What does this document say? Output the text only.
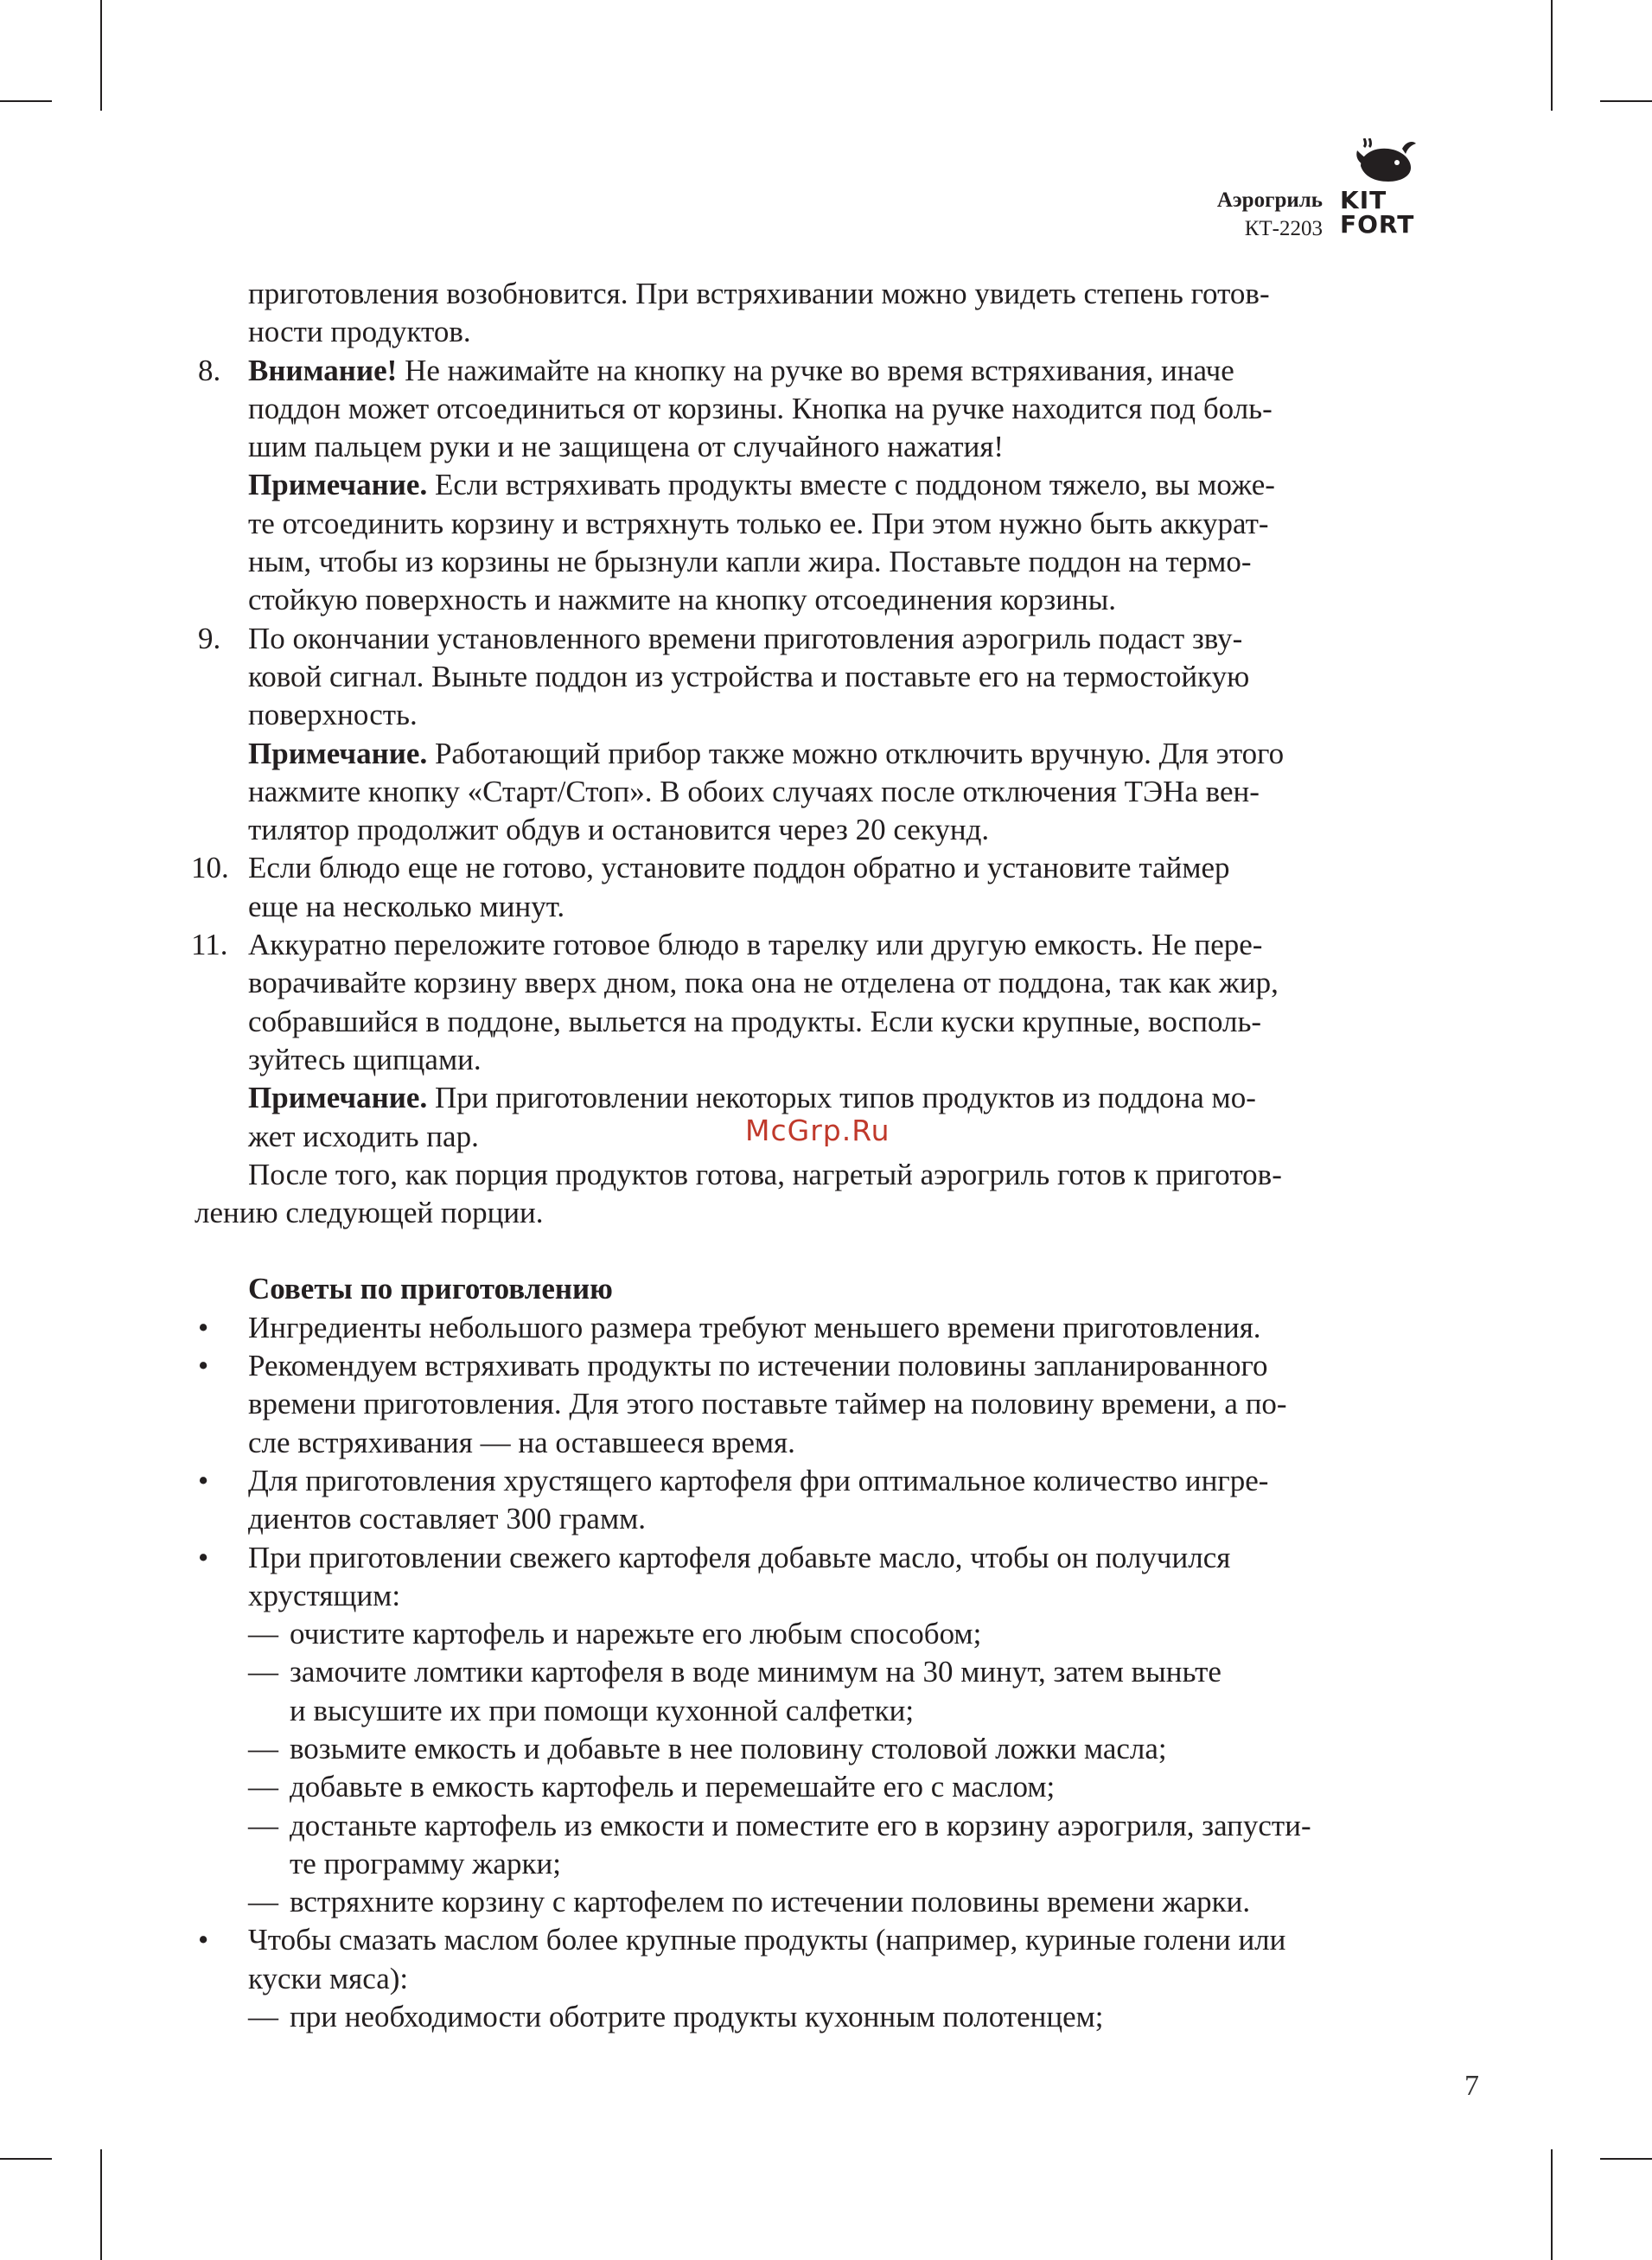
Аэрогриль
КТ-2203
KIT
FORT
приготовления возобновится. При встряхивании можно увидеть степень готов-
ности продуктов.
8. Внимание! Не нажимайте на кнопку на ручке во время встряхивания, иначе
поддон может отсоединиться от корзины. Кнопка на ручке находится под боль-
шим пальцем руки и не защищена от случайного нажатия!
Примечание. Если встряхивать продукты вместе с поддоном тяжело, вы може-
те отсоединить корзину и встряхнуть только ее. При этом нужно быть аккурат-
ным, чтобы из корзины не брызнули капли жира. Поставьте поддон на термо-
стойкую поверхность и нажмите на кнопку отсоединения корзины.
9. По окончании установленного времени приготовления аэрогриль подаст зву-
ковой сигнал. Выньте поддон из устройства и поставьте его на термостойкую
поверхность.
Примечание. Работающий прибор также можно отключить вручную. Для этого
нажмите кнопку «Старт/Стоп». В обоих случаях после отключения ТЭНа вен-
тилятор продолжит обдув и остановится через 20 секунд.
10. Если блюдо еще не готово, установите поддон обратно и установите таймер
еще на несколько минут.
11. Аккуратно переложите готовое блюдо в тарелку или другую емкость. Не пере-
ворачивайте корзину вверх дном, пока она не отделена от поддона, так как жир,
собравшийся в поддоне, выльется на продукты. Если куски крупные, восполь-
зуйтесь щипцами.
Примечание. При приготовлении некоторых типов продуктов из поддона мо-
жет исходить пар.
После того, как порция продуктов готова, нагретый аэрогриль готов к приготов-
лению следующей порции.
Советы по приготовлению
• Ингредиенты небольшого размера требуют меньшего времени приготовления.
• Рекомендуем встряхивать продукты по истечении половины запланированного
времени приготовления. Для этого поставьте таймер на половину времени, а по-
сле встряхивания — на оставшееся время.
• Для приготовления хрустящего картофеля фри оптимальное количество ингре-
диентов составляет 300 грамм.
• При приготовлении свежего картофеля добавьте масло, чтобы он получился
хрустящим:
— очистите картофель и нарежьте его любым способом;
— замочите ломтики картофеля в воде минимум на 30 минут, затем выньте
и высушите их при помощи кухонной салфетки;
— возьмите емкость и добавьте в нее половину столовой ложки масла;
— добавьте в емкость картофель и перемешайте его с маслом;
— достаньте картофель из емкости и поместите его в корзину аэрогриля, запусти-
те программу жарки;
— встряхните корзину с картофелем по истечении половины времени жарки.
• Чтобы смазать маслом более крупные продукты (например, куриные голени или
куски мяса):
— при необходимости оботрите продукты кухонным полотенцем;
McGrp.Ru
7
